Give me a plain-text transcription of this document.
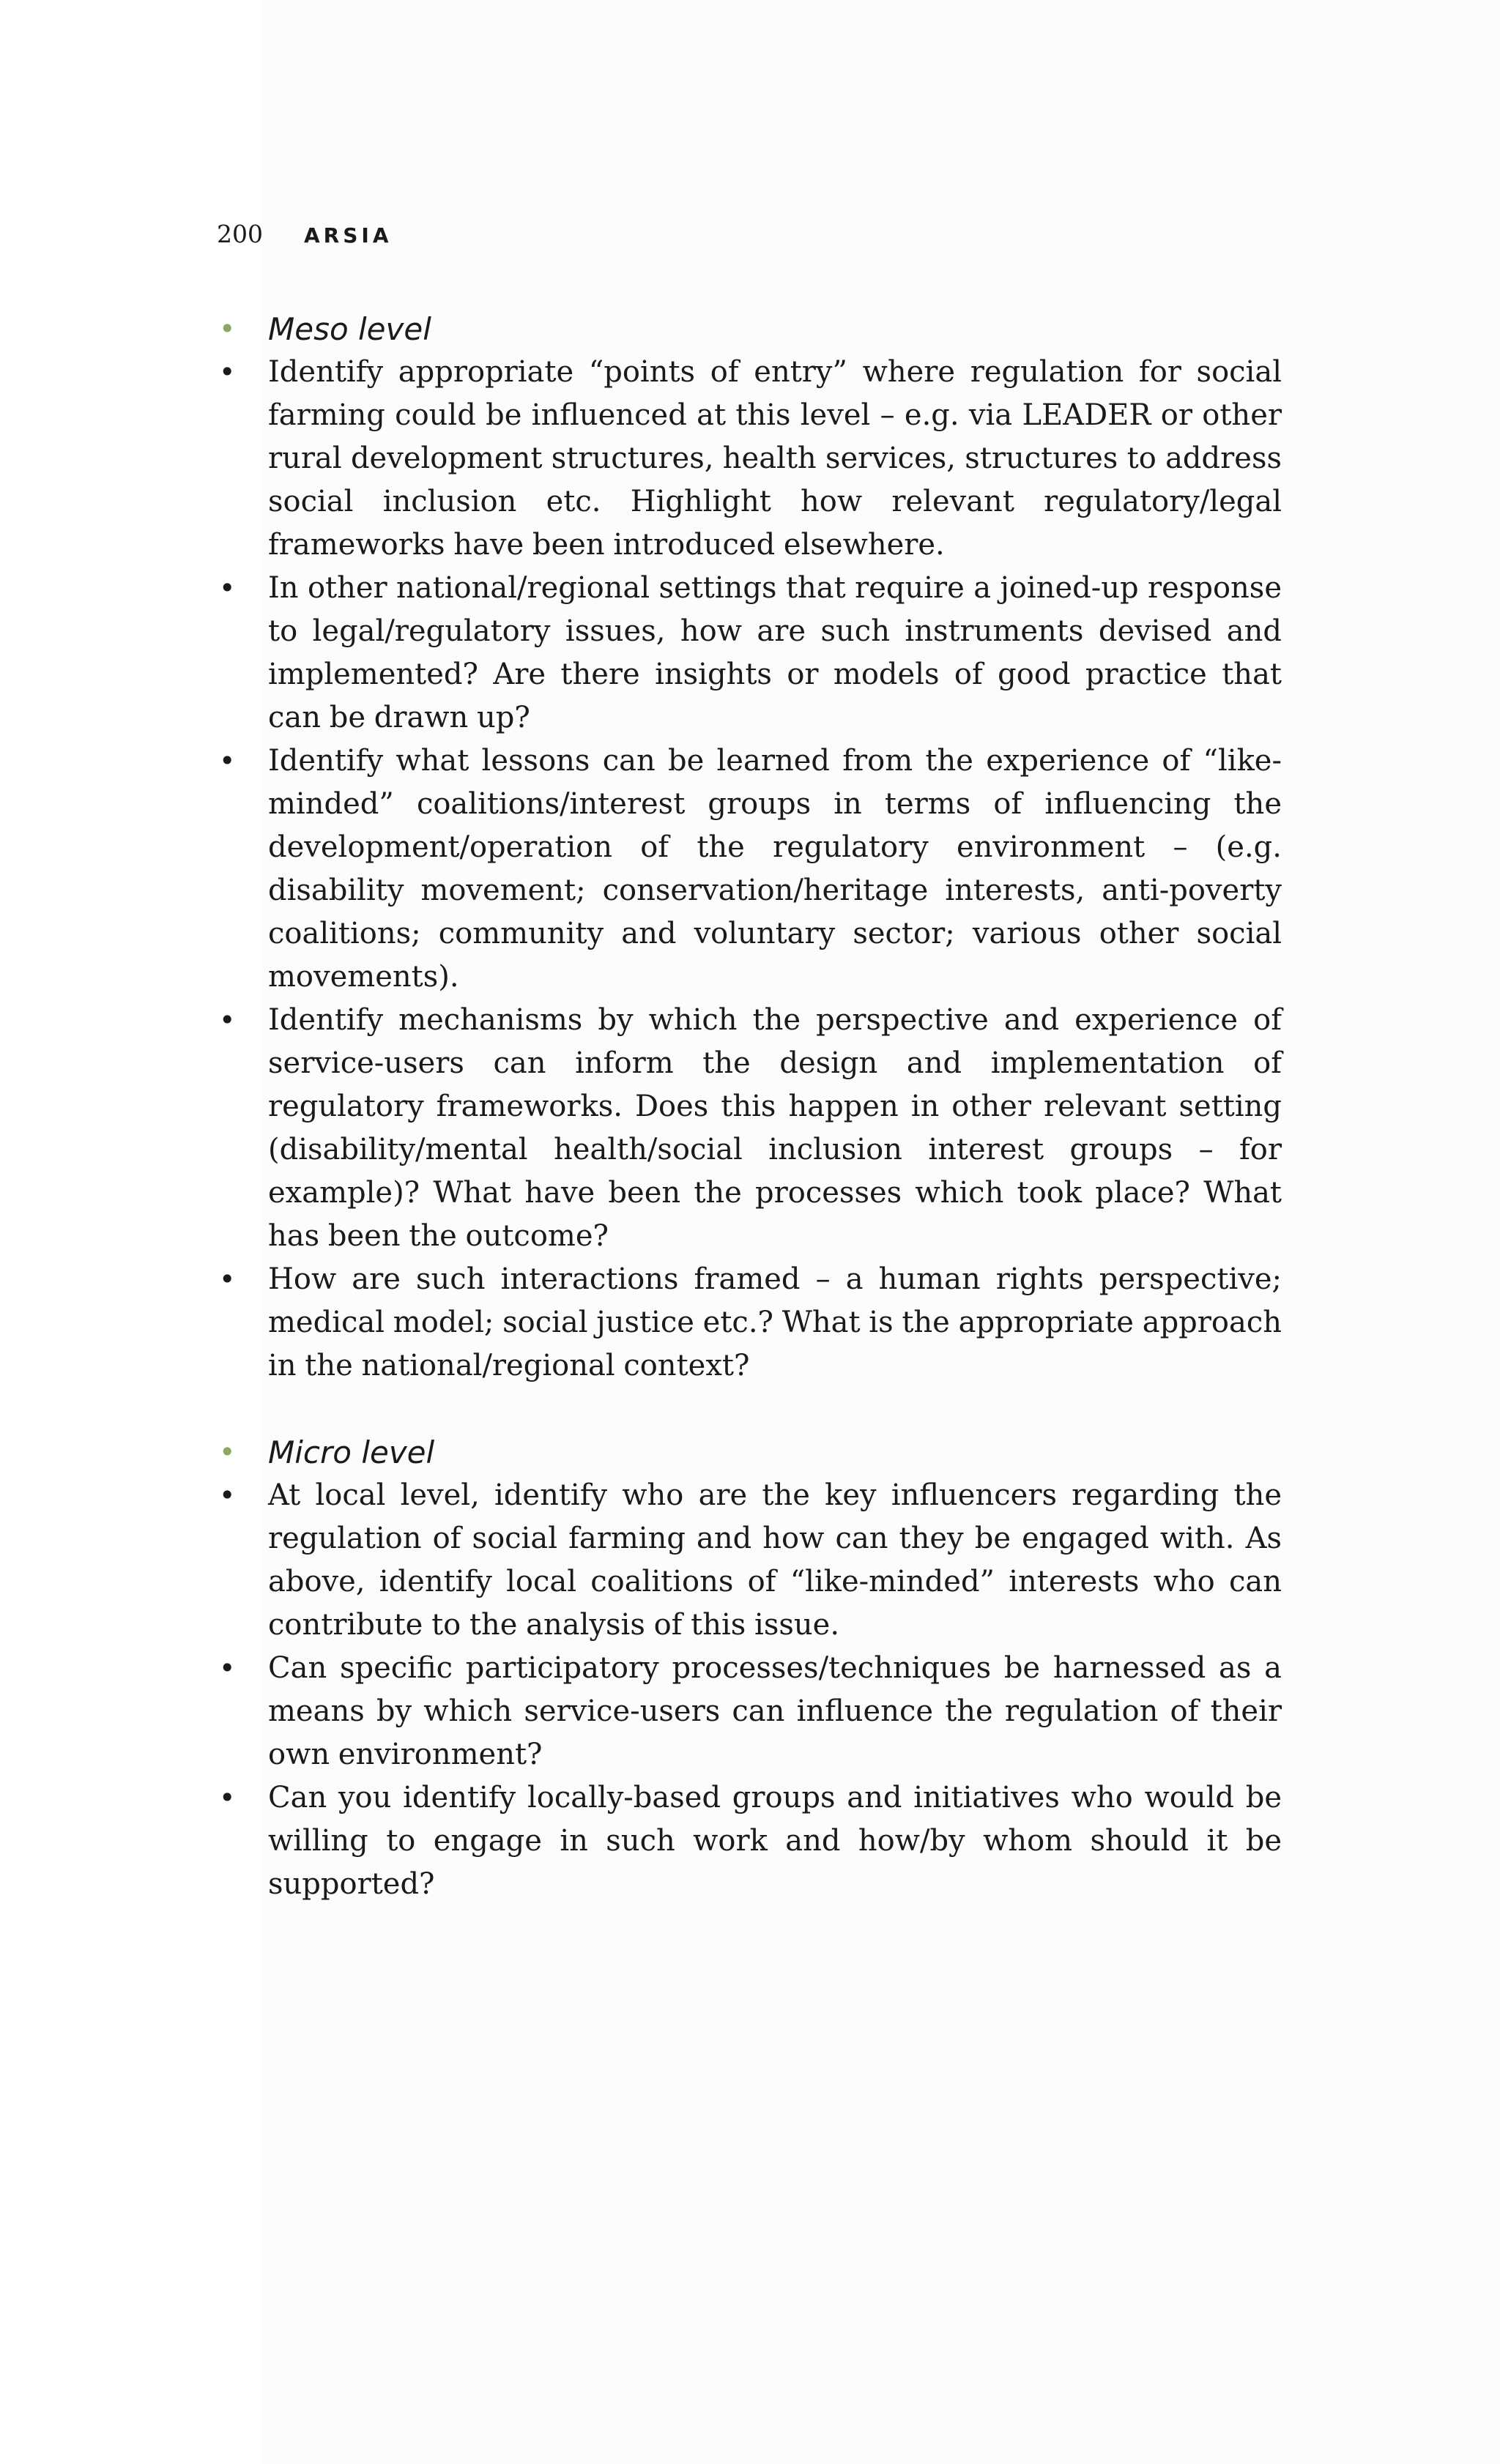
200 ARSIA
•	Meso level
•	Identify appropriate “points of entry” where regulation for social farming could be influenced at this level – e.g. via LEADER or other rural development structures, health services, structures to address social inclusion etc. Highlight how relevant regulatory/legal frameworks have been introduced elsewhere.
•	In other national/regional settings that require a joined-up response to legal/regulatory issues, how are such instruments devised and implemented? Are there insights or models of good practice that can be drawn up?
•	Identify what lessons can be learned from the experience of “like-minded” coalitions/interest groups in terms of influencing the development/operation of the regulatory environment – (e.g. disability movement; conservation/heritage interests, anti-poverty coalitions; community and voluntary sector; various other social movements).
•	Identify mechanisms by which the perspective and experience of service-users can inform the design and implementation of regulatory frameworks. Does this happen in other relevant setting (disability/mental health/social inclusion interest groups – for example)? What have been the processes which took place? What has been the outcome?
•	How are such interactions framed – a human rights perspective; medical model; social justice etc.? What is the appropriate approach in the national/regional context?
•	Micro level
•	At local level, identify who are the key influencers regarding the regulation of social farming and how can they be engaged with. As above, identify local coalitions of “like-minded” interests who can contribute to the analysis of this issue.
•	Can specific participatory processes/techniques be harnessed as a means by which service-users can influence the regulation of their own environment?
•	Can you identify locally-based groups and initiatives who would be willing to engage in such work and how/by whom should it be supported?
